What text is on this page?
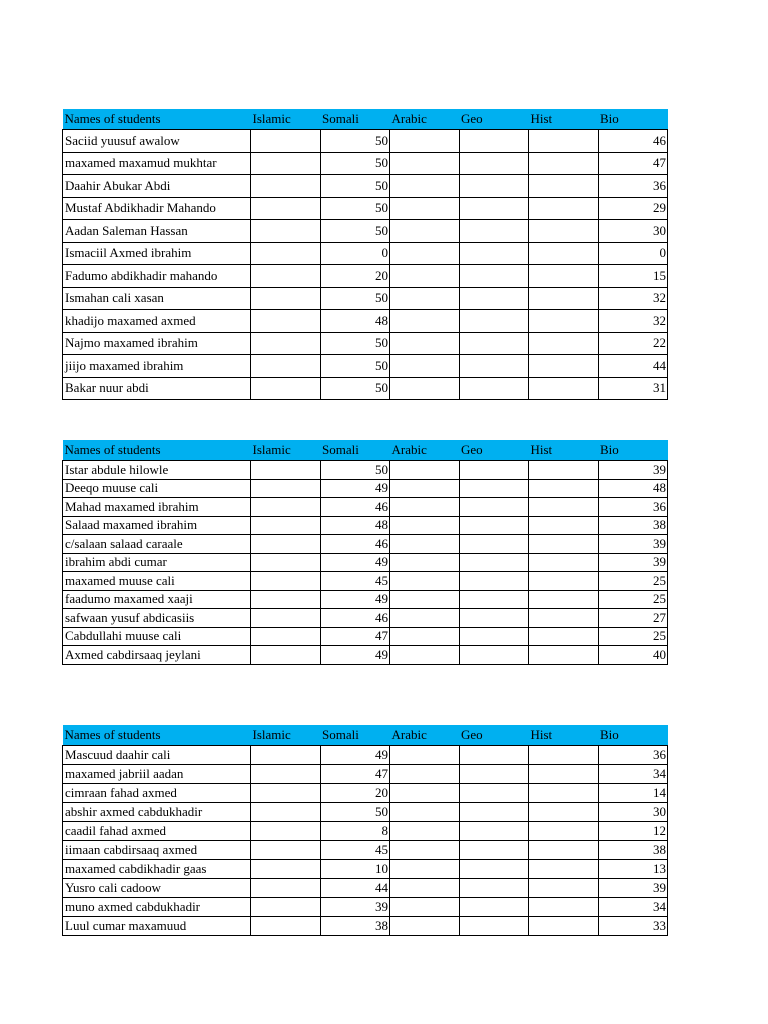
Names of students	Islamic	Somali	Arabic	Geo	Hist	Bio
Saciid yuusuf awalow		50				46
maxamed maxamud mukhtar		50				47
Daahir Abukar Abdi		50				36
Mustaf Abdikhadir Mahando		50				29
Aadan Saleman Hassan		50				30
Ismaciil Axmed ibrahim		0				0
Fadumo abdikhadir mahando		20				15
Ismahan cali xasan		50				32
khadijo maxamed axmed		48				32
Najmo maxamed ibrahim		50				22
jiijo maxamed ibrahim		50				44
Bakar nuur abdi		50				31
Names of students	Islamic	Somali	Arabic	Geo	Hist	Bio
Istar abdule hilowle		50				39
Deeqo muuse cali		49				48
Mahad maxamed ibrahim		46				36
Salaad maxamed ibrahim		48				38
c/salaan salaad caraale		46				39
ibrahim abdi cumar		49				39
maxamed muuse cali		45				25
faadumo maxamed xaaji		49				25
safwaan yusuf abdicasiis		46				27
Cabdullahi muuse cali		47				25
Axmed cabdirsaaq jeylani		49				40
Names of students	Islamic	Somali	Arabic	Geo	Hist	Bio
Mascuud daahir cali		49				36
maxamed jabriil aadan		47				34
cimraan fahad axmed		20				14
abshir axmed cabdukhadir		50				30
caadil fahad axmed		8				12
iimaan cabdirsaaq axmed		45				38
maxamed cabdikhadir gaas		10				13
Yusro cali cadoow		44				39
muno axmed cabdukhadir		39				34
Luul cumar maxamuud		38				33
